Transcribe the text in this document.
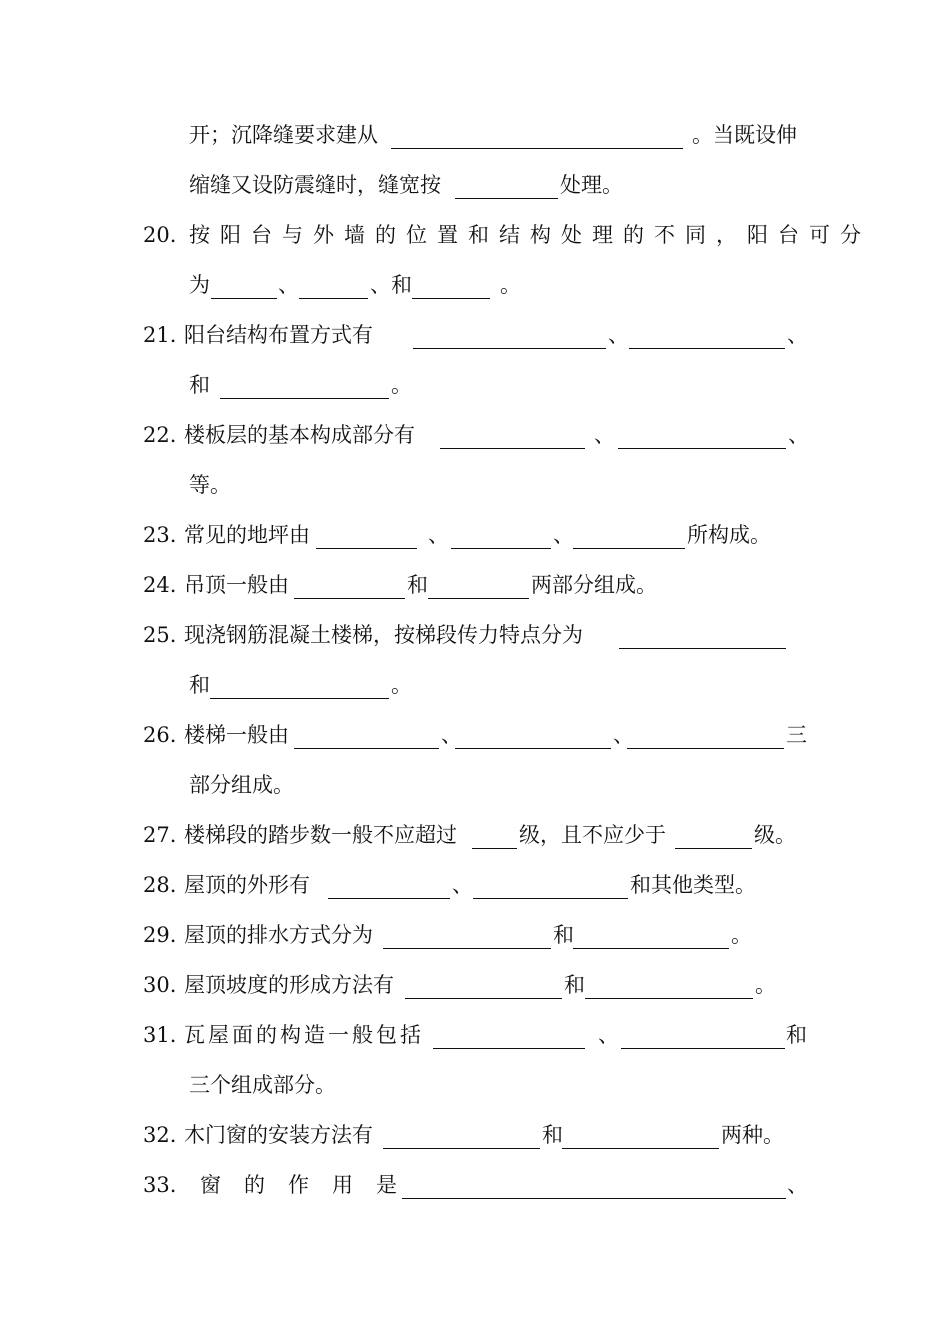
开；沉降缝要求建从	。当既设伸
缩缝又设防震缝时，缝宽按	处理。
20. 按阳台与外墙的位置和结构处理的不同，阳台可分
为	、	、和	。
21. 阳台结构布置方式有	、	、
和	。
22. 楼板层的基本构成部分有	、	、
等。
23. 常见的地坪由	、	、	所构成。
24. 吊顶一般由	和	两部分组成。
25. 现浇钢筋混凝土楼梯，按梯段传力特点分为
和	。
26. 楼梯一般由	、	、	三
部分组成。
27. 楼梯段的踏步数一般不应超过	级，且不应少于	级。
28. 屋顶的外形有	、	和其他类型。
29. 屋顶的排水方式分为	和	。
30. 屋顶坡度的形成方法有	和	。
31. 瓦屋面的构造一般包括	、	和
三个组成部分。
32. 木门窗的安装方法有	和	两种。
33. 窗的作用是	、
